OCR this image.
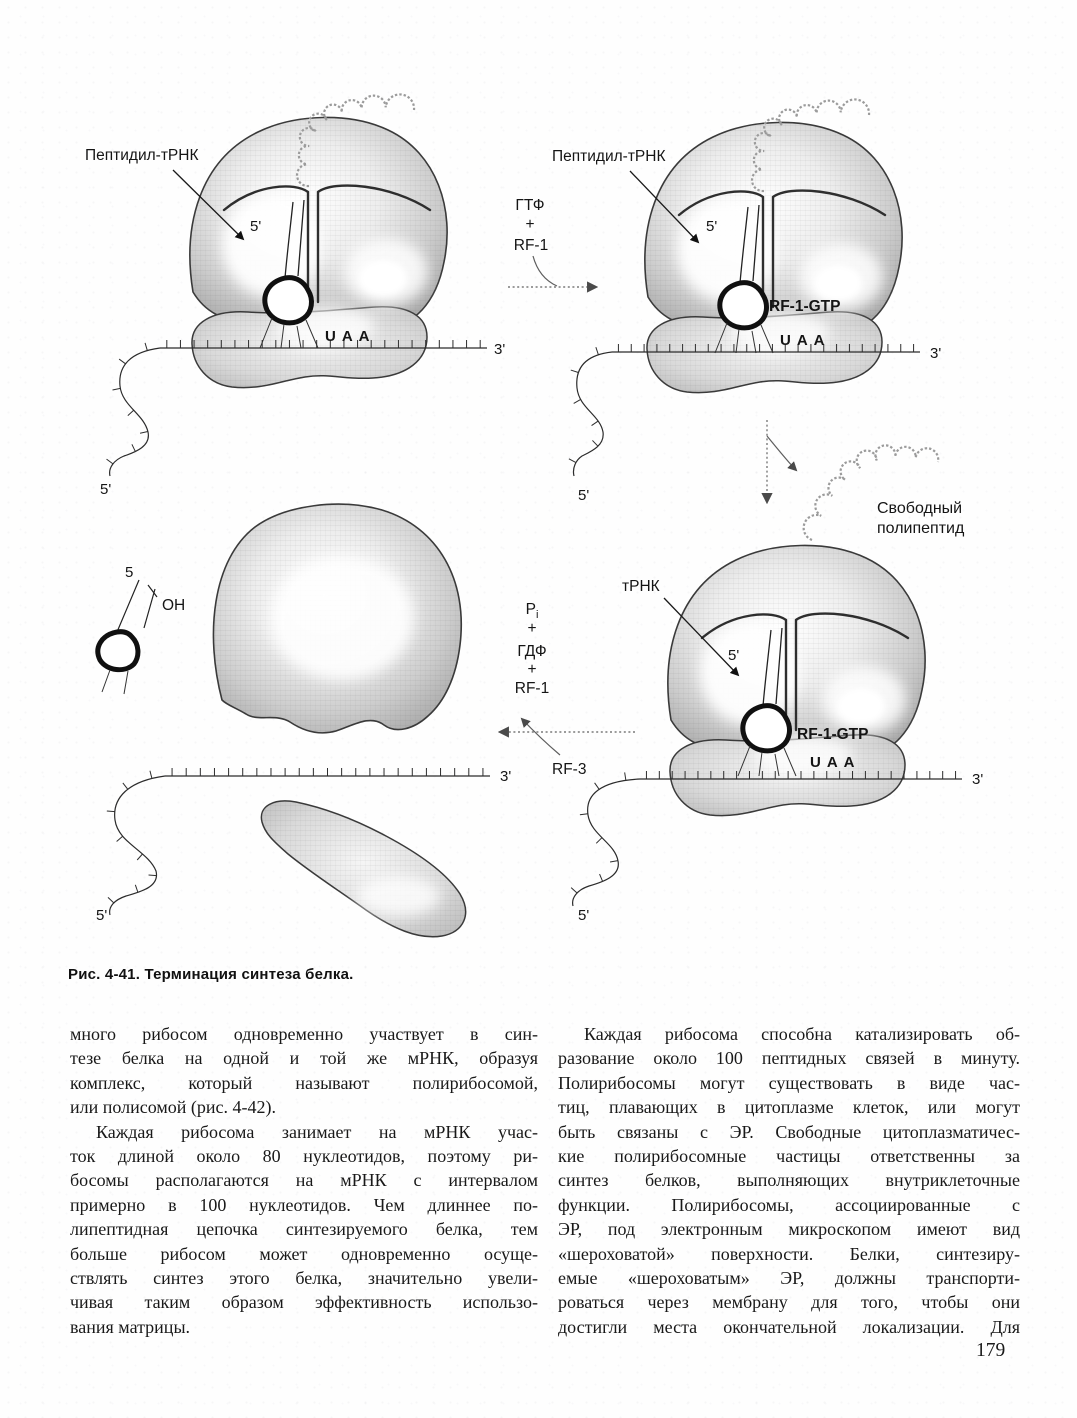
Пептидил-тРНК
5'
UAA
3'
5'
ГТФ
+
RF-1
Пептидил-тРНК
5'
RF-1-GTP
UAA
3'
5'
Свободный
полипептид
тРНК
5'
RF-1-GTP
UAA
3'
5'
$P_i$
+
ГДФ
+
RF-1
RF-3
5
OH
3'
5'
Рис. 4-41. Терминация синтеза белка.
много рибосом одновременно участвует в син-
тезе белка на одной и той же мРНК, образуя
комплекс, который называют полирибосомой,
или полисомой (рис. 4-42).
Каждая рибосома занимает на мРНК учас-
ток длиной около 80 нуклеотидов, поэтому ри-
босомы располагаются на мРНК с интервалом
примерно в 100 нуклеотидов. Чем длиннее по-
липептидная цепочка синтезируемого белка, тем
больше рибосом может одновременно осуще-
ствлять синтез этого белка, значительно увели-
чивая таким образом эффективность использо-
вания матрицы.
Каждая рибосома способна катализировать об-
разование около 100 пептидных связей в минуту.
Полирибосомы могут существовать в виде час-
тиц, плавающих в цитоплазме клеток, или могут
быть связаны с ЭР. Свободные цитоплазматичес-
кие полирибосомные частицы ответственны за
синтез белков, выполняющих внутриклеточные
функции. Полирибосомы, ассоциированные с
ЭР, под электронным микроскопом имеют вид
«шероховатой» поверхности. Белки, синтезиру-
емые «шероховатым» ЭР, должны транспорти-
роваться через мембрану для того, чтобы они
достигли места окончательной локализации. Для
179
